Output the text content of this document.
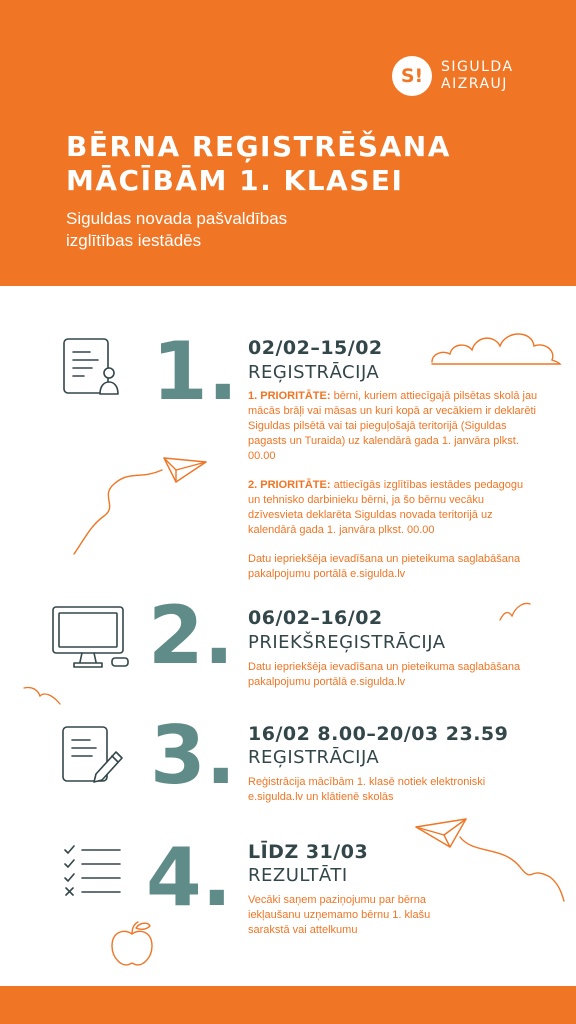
S!	SIGULDA
AIZRAUJ
BĒRNA REĢISTRĒŠANA
MĀCĪBĀM 1. KLASEI

Siguldas novada pašvaldības
izglītības iestādēs

1. 02/02–15/02
REĢISTRĀCIJA

1. PRIORITĀTE: bērni, kuriem attiecīgajā pilsētas skolā jau mācās brāļi vai māsas un kuri kopā ar vecākiem ir deklarēti Siguldas pilsētā vai tai pieguļošajā teritorijā (Siguldas pagasts un Turaida) uz kalendārā gada 1. janvāra plkst. 00.00

2. PRIORITĀTE: attiecīgās izglītības iestādes pedagogu un tehnisko darbinieku bērni, ja šo bērnu vecāku dzīvesvieta deklarēta Siguldas novada teritorijā uz kalendārā gada 1. janvāra plkst. 00.00

Datu iepriekšēja ievadīšana un pieteikuma saglabāšana pakalpojumu portālā e.sigulda.lv

2. 06/02–16/02
PRIEKŠREĢISTRĀCIJA

Datu iepriekšēja ievadīšana un pieteikuma saglabāšana pakalpojumu portālā e.sigulda.lv

3. 16/02 8.00–20/03 23.59
REĢISTRĀCIJA

Reģistrācija mācībām 1. klasē notiek elektroniski e.sigulda.lv un klātienē skolās

4. LĪDZ 31/03
REZULTĀTI

Vecāki saņem paziņojumu par bērna iekļaušanu uzņemamo bērnu 1. klašu sarakstā vai attelkumu
